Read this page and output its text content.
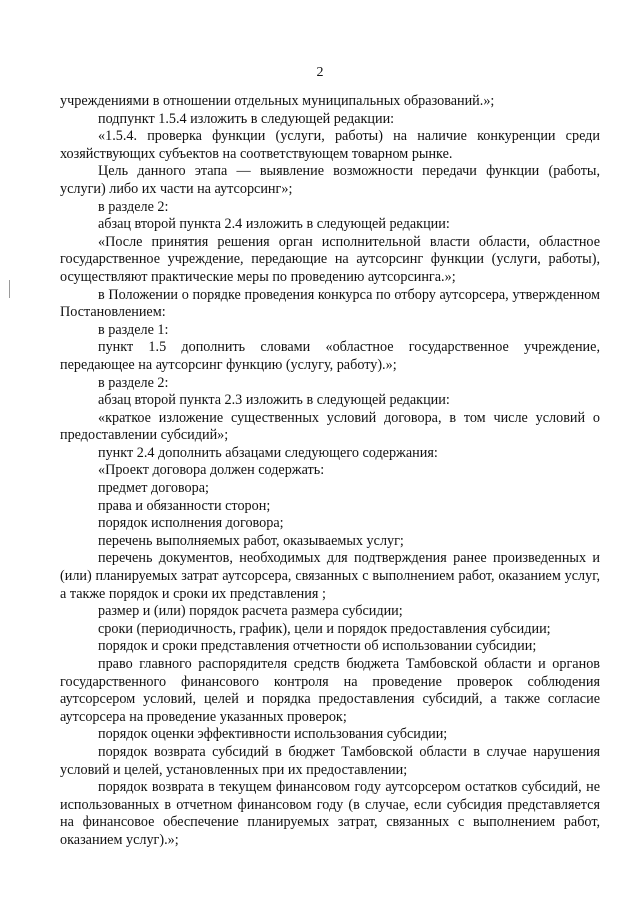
2

учреждениями в отношении отдельных муниципальных образований.»;

подпункт 1.5.4 изложить в следующей редакции:

«1.5.4. проверка функции (услуги, работы) на наличие конкуренции среди хозяйствующих субъектов на соответствующем товарном рынке.

Цель данного этапа — выявление возможности передачи функции (работы, услуги) либо их части на аутсорсинг»;

в разделе 2:

абзац второй пункта 2.4 изложить в следующей редакции:

«После принятия решения орган исполнительной власти области, областное государственное учреждение, передающие на аутсорсинг функции (услуги, работы), осуществляют практические меры по проведению аутсорсинга.»;

в Положении о порядке проведения конкурса по отбору аутсорсера, утвержденном Постановлением:

в разделе 1:

пункт 1.5 дополнить словами «областное государственное учреждение, передающее на аутсорсинг функцию (услугу, работу).»;

в разделе 2:

абзац второй пункта 2.3 изложить в следующей редакции:

«краткое изложение существенных условий договора, в том числе условий о предоставлении субсидий»;

пункт 2.4 дополнить абзацами следующего содержания:

«Проект договора должен содержать:

предмет договора;

права и обязанности сторон;

порядок исполнения договора;

перечень выполняемых работ, оказываемых услуг;

перечень документов, необходимых для подтверждения ранее произведенных и (или) планируемых затрат аутсорсера, связанных с выполнением работ, оказанием услуг, а также порядок и сроки их представления ;

размер и (или) порядок расчета размера субсидии;

сроки (периодичность, график), цели и порядок предоставления субсидии;

порядок и сроки представления отчетности об использовании субсидии;

право главного распорядителя средств бюджета Тамбовской области и органов государственного финансового контроля на проведение проверок соблюдения аутсорсером условий, целей и порядка предоставления субсидий, а также согласие аутсорсера на проведение указанных проверок;

порядок оценки эффективности использования субсидии;

порядок возврата субсидий в бюджет Тамбовской области в случае нарушения условий и целей, установленных при их предоставлении;

порядок возврата в текущем финансовом году аутсорсером остатков субсидий, не использованных в отчетном финансовом году (в случае, если субсидия представляется на финансовое обеспечение планируемых затрат, связанных с выполнением работ, оказанием услуг).»;
